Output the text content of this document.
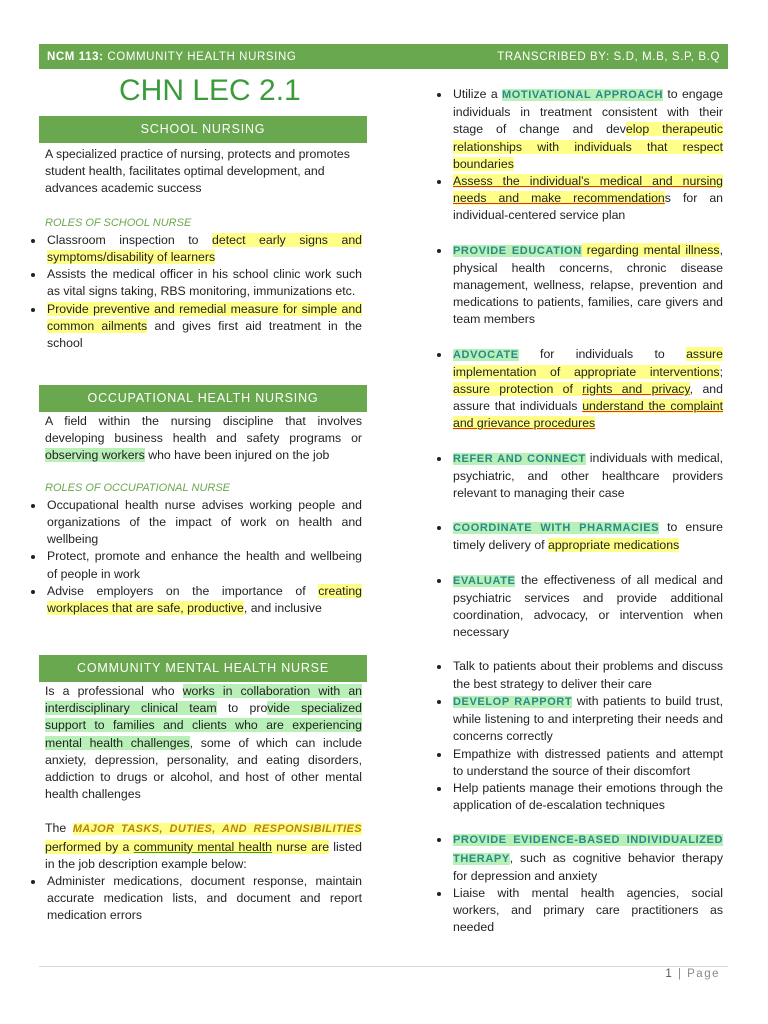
NCM 113: COMMUNITY HEALTH NURSING	TRANSCRIBED BY: S.D, M.B, S.P, B.Q
CHN LEC 2.1
SCHOOL NURSING

A specialized practice of nursing, protects and promotes student health, facilitates optimal development, and advances academic success

ROLES OF SCHOOL NURSE

• Classroom inspection to detect early signs and symptoms/disability of learners
• Assists the medical officer in his school clinic work such as vital signs taking, RBS monitoring, immunizations etc.
• Provide preventive and remedial measure for simple and common ailments and gives first aid treatment in the school
OCCUPATIONAL HEALTH NURSING

A field within the nursing discipline that involves developing business health and safety programs or observing workers who have been injured on the job

ROLES OF OCCUPATIONAL NURSE

• Occupational health nurse advises working people and organizations of the impact of work on health and wellbeing
• Protect, promote and enhance the health and wellbeing of people in work
• Advise employers on the importance of creating workplaces that are safe, productive, and inclusive
COMMUNITY MENTAL HEALTH NURSE

Is a professional who works in collaboration with an interdisciplinary clinical team to provide specialized support to families and clients who are experiencing mental health challenges, some of which can include anxiety, depression, personality, and eating disorders, addiction to drugs or alcohol, and host of other mental health challenges

The MAJOR TASKS, DUTIES, AND RESPONSIBILITIES performed by a community mental health nurse are listed in the job description example below:

• Administer medications, document response, maintain accurate medication lists, and document and report medication errors
• Utilize a MOTIVATIONAL APPROACH to engage individuals in treatment consistent with their stage of change and develop therapeutic relationships with individuals that respect boundaries
• Assess the individual’s medical and nursing needs and make recommendations for an individual-centered service plan
• PROVIDE EDUCATION regarding mental illness, physical health concerns, chronic disease management, wellness, relapse, prevention and medications to patients, families, care givers and team members
• ADVOCATE for individuals to assure implementation of appropriate interventions; assure protection of rights and privacy, and assure that individuals understand the complaint and grievance procedures
• REFER AND CONNECT individuals with medical, psychiatric, and other healthcare providers relevant to managing their case
• COORDINATE WITH PHARMACIES to ensure timely delivery of appropriate medications
• EVALUATE the effectiveness of all medical and psychiatric services and provide additional coordination, advocacy, or intervention when necessary
• Talk to patients about their problems and discuss the best strategy to deliver their care
• DEVELOP RAPPORT with patients to build trust, while listening to and interpreting their needs and concerns correctly
• Empathize with distressed patients and attempt to understand the source of their discomfort
• Help patients manage their emotions through the application of de-escalation techniques
• PROVIDE EVIDENCE-BASED INDIVIDUALIZED THERAPY, such as cognitive behavior therapy for depression and anxiety
• Liaise with mental health agencies, social workers, and primary care practitioners as needed
1 | Page
